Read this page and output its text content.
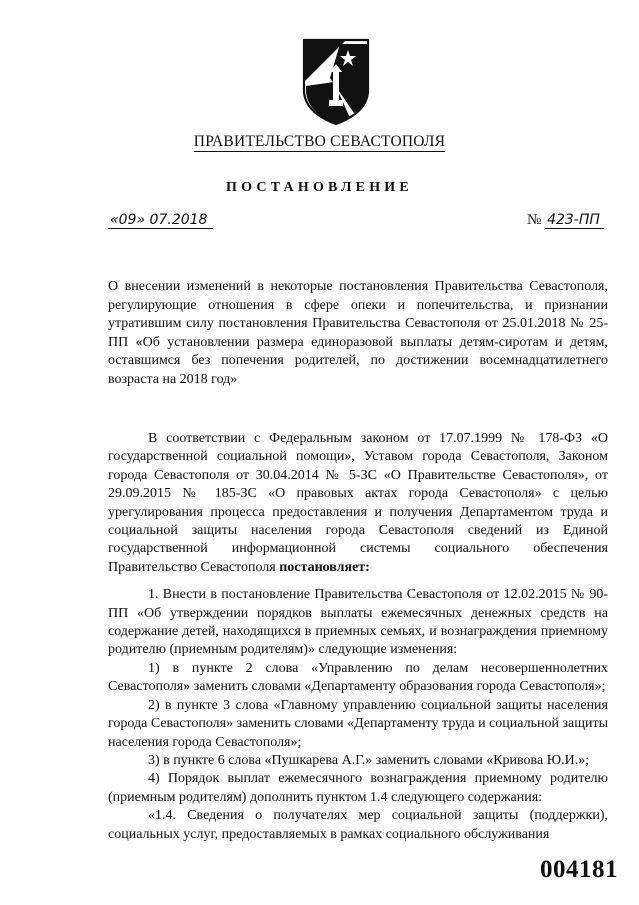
ПРАВИТЕЛЬСТВО СЕВАСТОПОЛЯ
ПОСТАНОВЛЕНИЕ
«09» 07.2018	№ 423-ПП
О внесении изменений в некоторые постановления Правительства Севастополя, регулирующие отношения в сфере опеки и попечительства, и признании утратившим силу постановления Правительства Севастополя от 25.01.2018 № 25-ПП «Об установлении размера единоразовой выплаты детям-сиротам и детям, оставшимся без попечения родителей, по достижении восемнадцатилетнего возраста на 2018 год»

В соответствии с Федеральным законом от 17.07.1999 № 178-ФЗ «О государственной социальной помощи», Уставом города Севастополя, Законом города Севастополя от 30.04.2014 № 5-ЗС «О Правительстве Севастополя», от 29.09.2015 № 185-ЗС «О правовых актах города Севастополя» с целью урегулирования процесса предоставления и получения Департаментом труда и социальной защиты населения города Севастополя сведений из Единой государственной информационной системы социального обеспечения Правительство Севастополя постановляет:

1. Внести в постановление Правительства Севастополя от 12.02.2015 № 90-ПП «Об утверждении порядков выплаты ежемесячных денежных средств на содержание детей, находящихся в приемных семьях, и вознаграждения приемному родителю (приемным родителям)» следующие изменения:

1) в пункте 2 слова «Управлению по делам несовершеннолетних Севастополя» заменить словами «Департаменту образования города Севастополя»;

2) в пункте 3 слова «Главному управлению социальной защиты населения города Севастополя» заменить словами «Департаменту труда и социальной защиты населения города Севастополя»;

3) в пункте 6 слова «Пушкарева А.Г.» заменить словами «Кривова Ю.И.»;

4) Порядок выплат ежемесячного вознаграждения приемному родителю (приемным родителям) дополнить пунктом 1.4 следующего содержания:

«1.4. Сведения о получателях мер социальной защиты (поддержки), социальных услуг, предоставляемых в рамках социального обслуживания

004181
